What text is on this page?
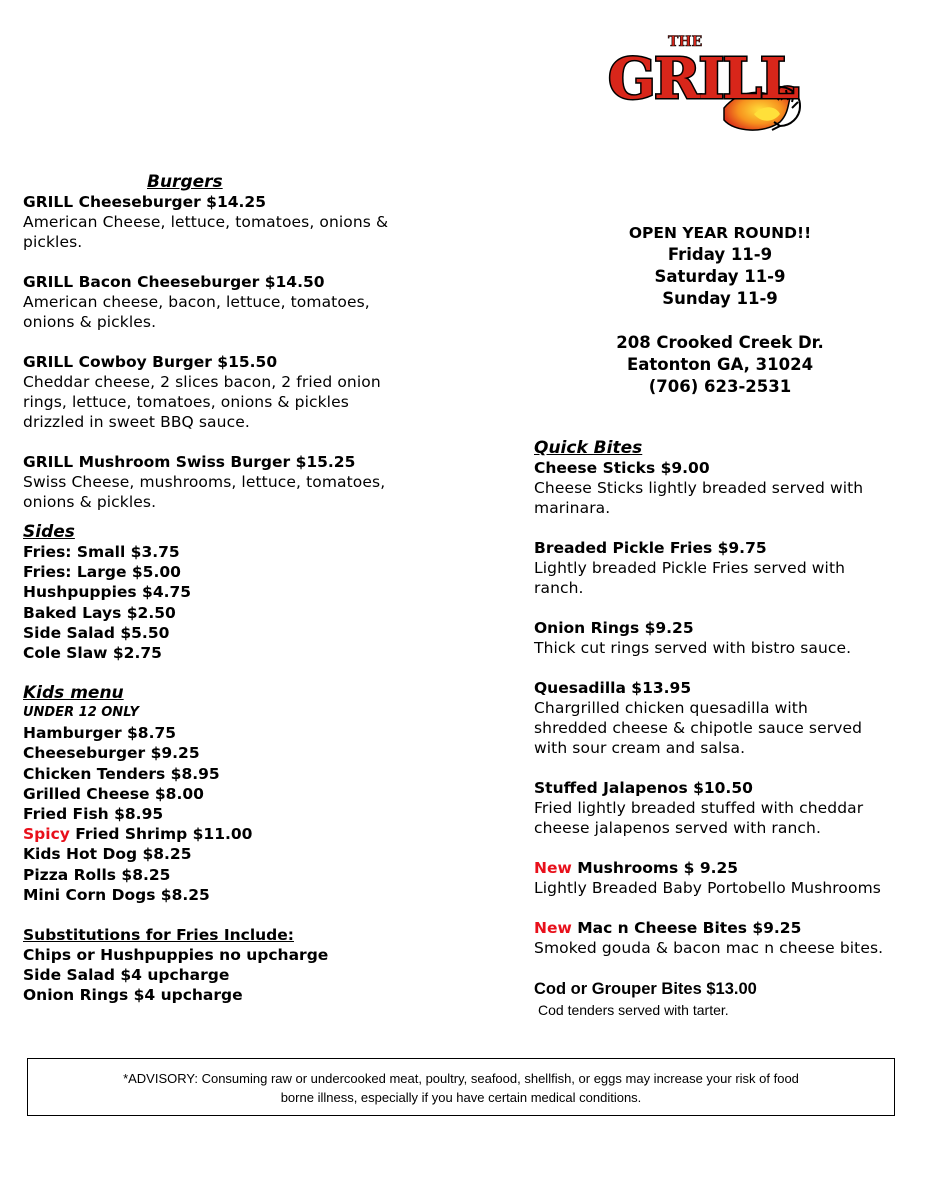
THE
GRILL
Burgers
GRILL Cheeseburger $14.25
American Cheese, lettuce, tomatoes, onions &
pickles.
GRILL Bacon Cheeseburger $14.50
American cheese, bacon, lettuce, tomatoes,
onions & pickles.
GRILL Cowboy Burger $15.50
Cheddar cheese, 2 slices bacon, 2 fried onion
rings, lettuce, tomatoes, onions & pickles
drizzled in sweet BBQ sauce.
GRILL Mushroom Swiss Burger $15.25
Swiss Cheese, mushrooms, lettuce, tomatoes,
onions & pickles.
Sides
Fries: Small $3.75
Fries: Large $5.00
Hushpuppies $4.75
Baked Lays $2.50
Side Salad $5.50
Cole Slaw $2.75
Kids menu
UNDER 12 ONLY
Hamburger $8.75
Cheeseburger $9.25
Chicken Tenders $8.95
Grilled Cheese $8.00
Fried Fish $8.95
Spicy Fried Shrimp $11.00
Kids Hot Dog $8.25
Pizza Rolls $8.25
Mini Corn Dogs $8.25
Substitutions for Fries Include:
Chips or Hushpuppies no upcharge
Side Salad $4 upcharge
Onion Rings $4 upcharge
OPEN YEAR ROUND!!
Friday 11-9
Saturday 11-9
Sunday 11-9
208 Crooked Creek Dr.
Eatonton GA, 31024
(706) 623-2531
Quick Bites
Cheese Sticks $9.00
Cheese Sticks lightly breaded served with
marinara.
Breaded Pickle Fries $9.75
Lightly breaded Pickle Fries served with
ranch.
Onion Rings $9.25
Thick cut rings served with bistro sauce.
Quesadilla $13.95
Chargrilled chicken quesadilla with
shredded cheese & chipotle sauce served
with sour cream and salsa.
Stuffed Jalapenos $10.50
Fried lightly breaded stuffed with cheddar
cheese jalapenos served with ranch.
New Mushrooms $ 9.25
Lightly Breaded Baby Portobello Mushrooms
New Mac n Cheese Bites $9.25
Smoked gouda & bacon mac n cheese bites.
Cod or Grouper Bites $13.00
Cod tenders served with tarter.
*ADVISORY: Consuming raw or undercooked meat, poultry, seafood, shellfish, or eggs may increase your risk of food
borne illness, especially if you have certain medical conditions.
